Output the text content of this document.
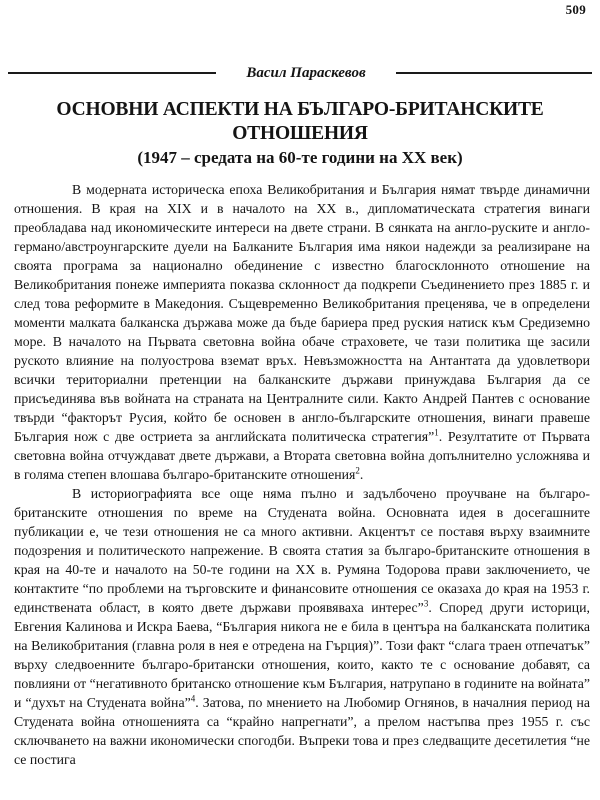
509
Васил Параскевов
ОСНОВНИ АСПЕКТИ НА БЪЛГАРО-БРИТАНСКИТЕ ОТНОШЕНИЯ
(1947 – средата на 60-те години на XX век)

В модерната историческа епоха Великобритания и България нямат твърде динамични отношения. В края на XIX и в началото на XX в., дипломатическата стратегия винаги преобладава над икономическите интереси на двете страни. В сянката на англо-руските и англо-германо/австроунгарските дуели на Балканите България има някои надежди за реализиране на своята програма за национално обединение с известно благосклонното отношение на Великобритания понеже империята показва склонност да подкрепи Съединението през 1885 г. и след това реформите в Македония. Същевременно Великобритания преценява, че в определени моменти малката балканска държава може да бъде бариера пред руския натиск към Средиземно море. В началото на Първата световна война обаче страховете, че тази политика ще засили руското влияние на полуострова вземат връх. Невъзможността на Антантата да удовлетвори всички териториални претенции на балканските държави принуждава България да се присъединява във войната на страната на Централните сили. Както Андрей Пантев с основание твърди “факторът Русия, който бе основен в англо-българските отношения, винаги правеше България нож с две остриета за английската политическа стратегия”$^1$. Резултатите от Първата световна война отчуждават двете държави, а Втората световна война допълнително усложнява и в голяма степен влошава българо-британските отношения$^2$.

В историографията все още няма пълно и задълбочено проучване на българо-британските отношения по време на Студената война. Основната идея в досегашните публикации е, че тези отношения не са много активни. Акцентът се поставя върху взаимните подозрения и политическото напрежение. В своята статия за българо-британските отношения в края на 40-те и началото на 50-те години на XX в. Румяна Тодорова прави заключението, че контактите “по проблеми на търговските и финансовите отношения се оказаха до края на 1953 г. единствената област, в която двете държави проявяваха интерес”$^3$. Според други историци, Евгения Калинова и Искра Баева, “България никога не е била в центъра на балканската политика на Великобритания (главна роля в нея е отредена на Гърция)”. Този факт “слага траен отпечатък” върху следвоенните българо-британски отношения, които, както те с основание добавят, са повлияни от “негативното британско отношение към България, натрупано в годините на войната” и “духът на Студената война”$^4$. Затова, по мнението на Любомир Огнянов, в началния период на Студената война отношенията са “крайно напрегнати”, а прелом настъпва през 1955 г. със сключването на важни икономически спогодби. Въпреки това и през следващите десетилетия “не се постига
